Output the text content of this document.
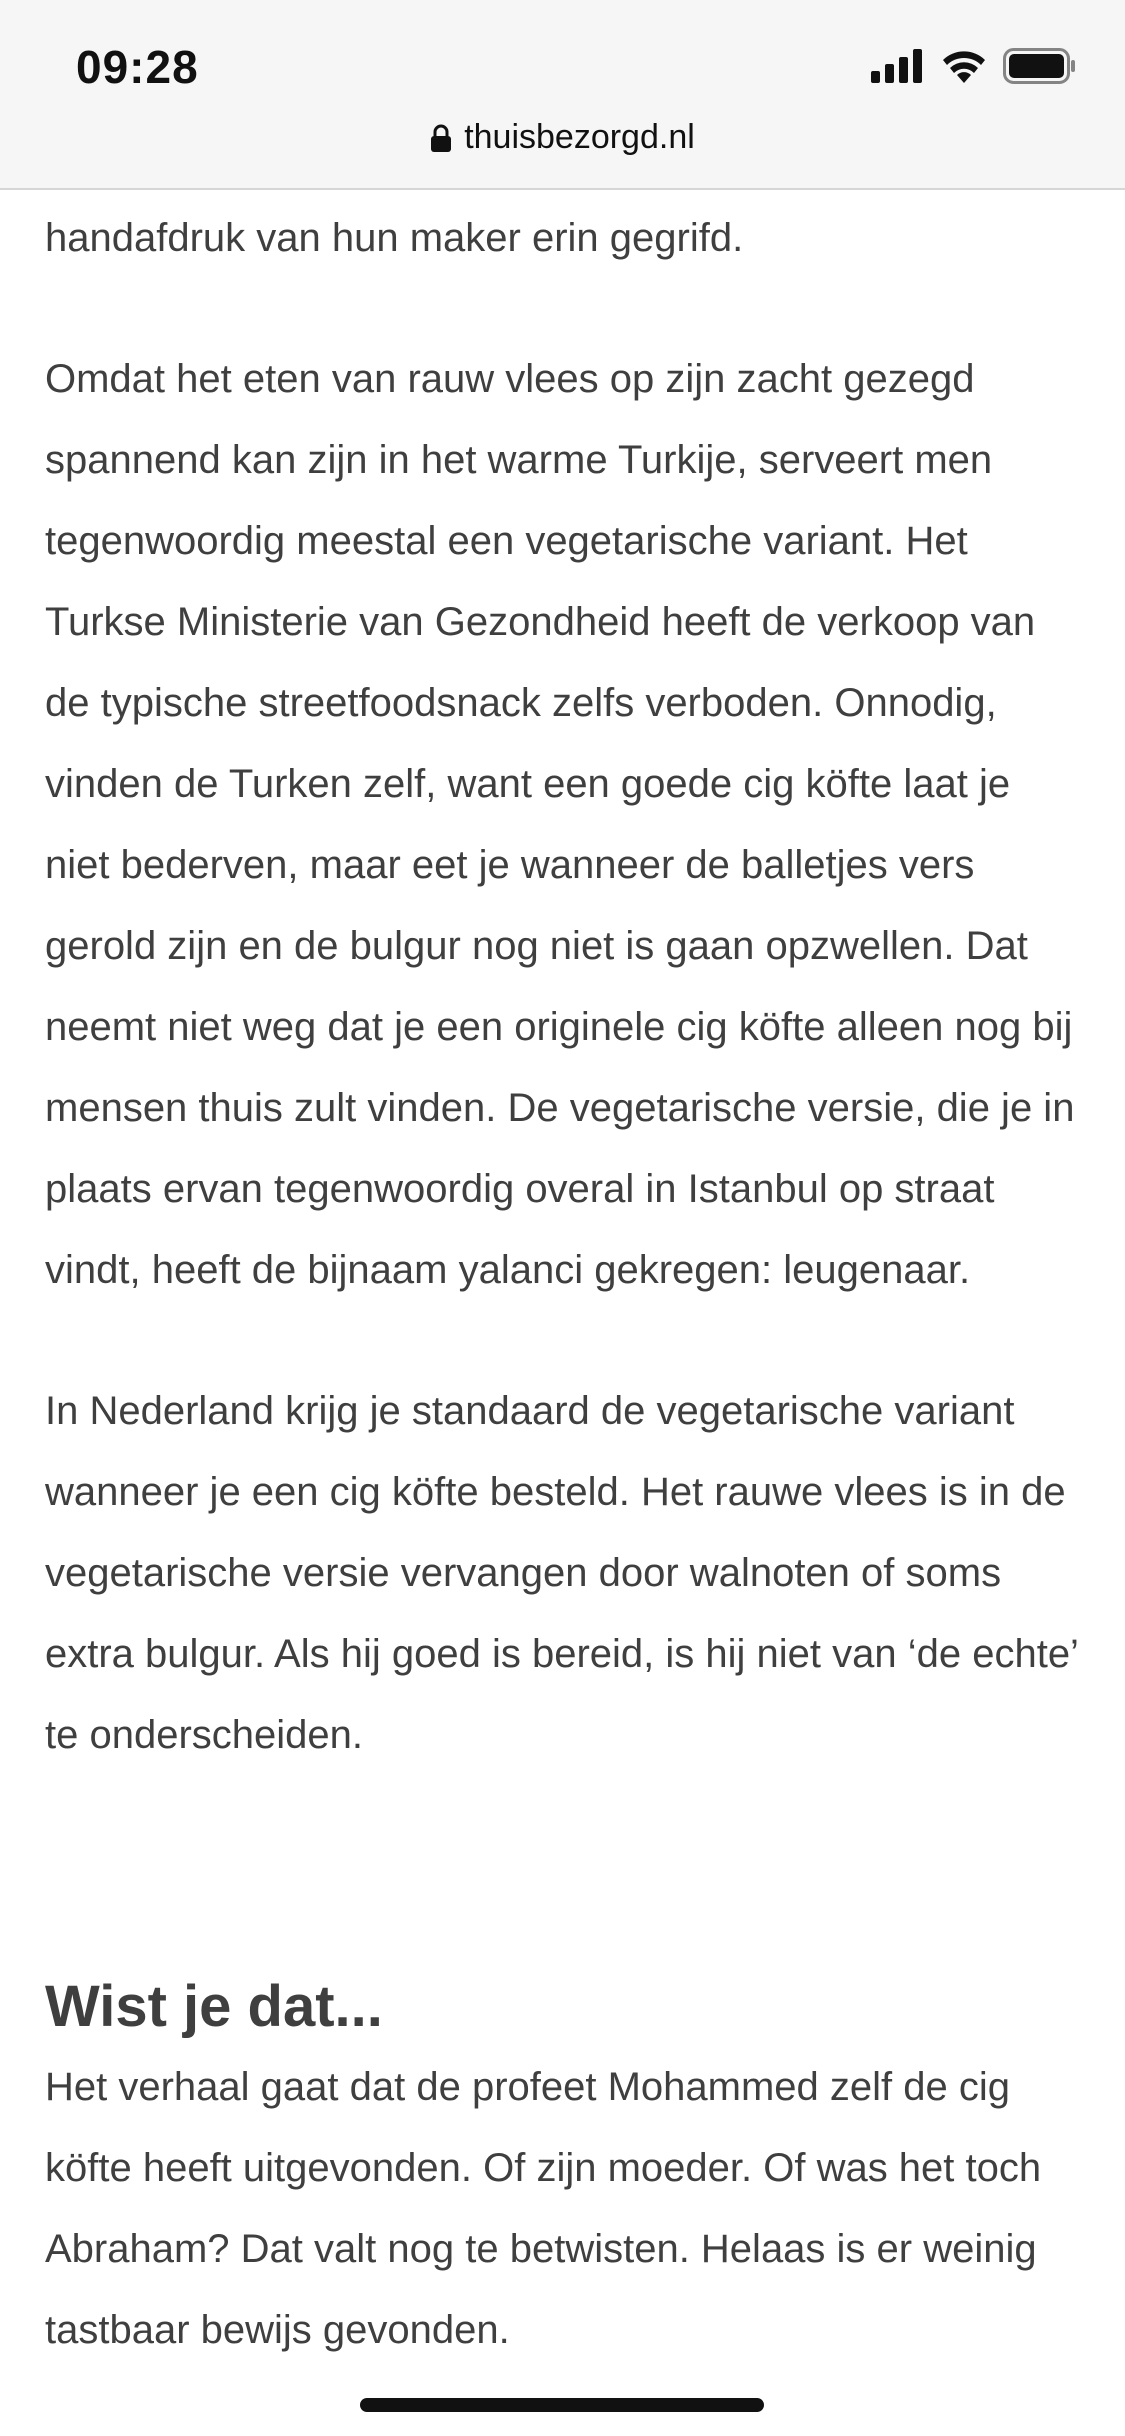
09:28
thuisbezorgd.nl

handafdruk van hun maker erin gegrifd.

Omdat het eten van rauw vlees op zijn zacht gezegd spannend kan zijn in het warme Turkije, serveert men tegenwoordig meestal een vegetarische variant. Het Turkse Ministerie van Gezondheid heeft de verkoop van de typische streetfoodsnack zelfs verboden. Onnodig, vinden de Turken zelf, want een goede cig köfte laat je niet bederven, maar eet je wanneer de balletjes vers gerold zijn en de bulgur nog niet is gaan opzwellen. Dat neemt niet weg dat je een originele cig köfte alleen nog bij mensen thuis zult vinden. De vegetarische versie, die je in plaats ervan tegenwoordig overal in Istanbul op straat vindt, heeft de bijnaam yalanci gekregen: leugenaar.

In Nederland krijg je standaard de vegetarische variant wanneer je een cig köfte besteld. Het rauwe vlees is in de vegetarische versie vervangen door walnoten of soms extra bulgur. Als hij goed is bereid, is hij niet van ‘de echte’ te onderscheiden.

Wist je dat...

Het verhaal gaat dat de profeet Mohammed zelf de cig köfte heeft uitgevonden. Of zijn moeder. Of was het toch Abraham? Dat valt nog te betwisten. Helaas is er weinig tastbaar bewijs gevonden.
